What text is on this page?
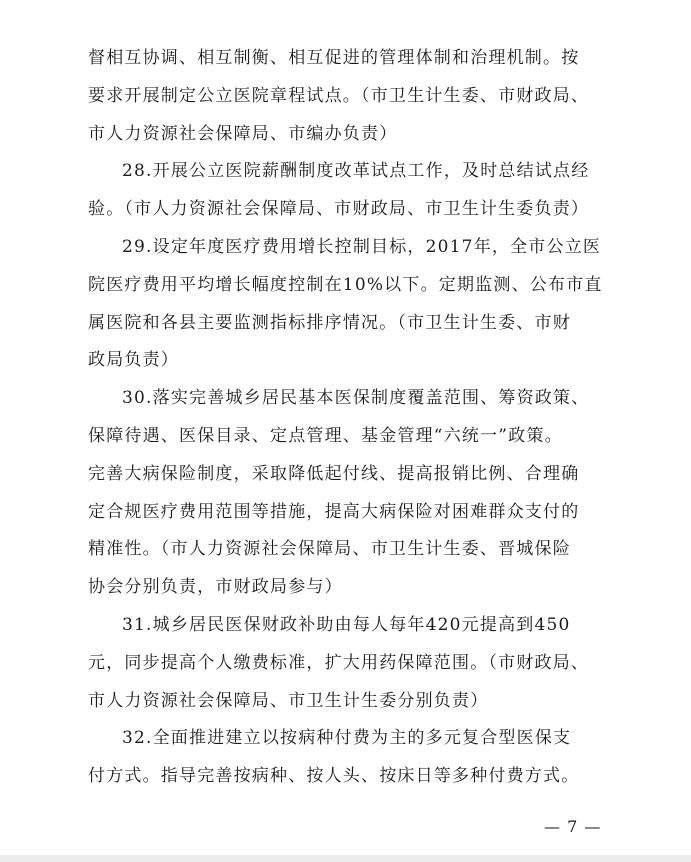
督相互协调、相互制衡、相互促进的管理体制和治理机制。按
要求开展制定公立医院章程试点。（市卫生计生委、市财政局、
市人力资源社会保障局、市编办负责）
28.开展公立医院薪酬制度改革试点工作，及时总结试点经
验。（市人力资源社会保障局、市财政局、市卫生计生委负责）
29.设定年度医疗费用增长控制目标，2017年，全市公立医
院医疗费用平均增长幅度控制在10%以下。定期监测、公布市直
属医院和各县主要监测指标排序情况。（市卫生计生委、市财
政局负责）
30.落实完善城乡居民基本医保制度覆盖范围、筹资政策、
保障待遇、医保目录、定点管理、基金管理“六统一”政策。
完善大病保险制度，采取降低起付线、提高报销比例、合理确
定合规医疗费用范围等措施，提高大病保险对困难群众支付的
精准性。（市人力资源社会保障局、市卫生计生委、晋城保险
协会分别负责，市财政局参与）
31.城乡居民医保财政补助由每人每年420元提高到450
元，同步提高个人缴费标准，扩大用药保障范围。（市财政局、
市人力资源社会保障局、市卫生计生委分别负责）
32.全面推进建立以按病种付费为主的多元复合型医保支
付方式。指导完善按病种、按人头、按床日等多种付费方式。
— 7 —
